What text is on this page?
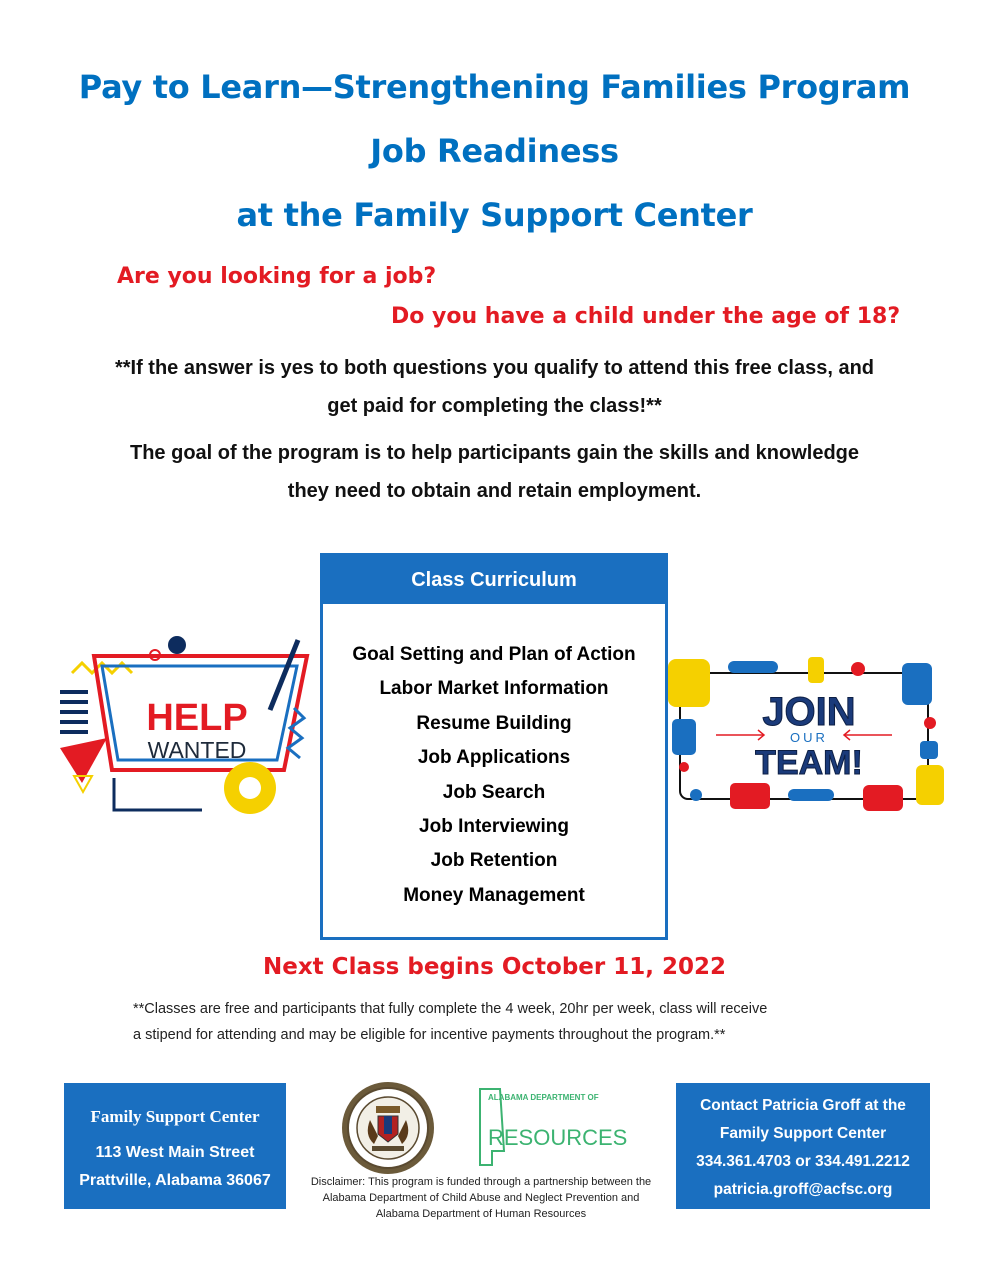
Pay to Learn—Strengthening Families Program
Job Readiness
at the Family Support Center
Are you looking for a job?
Do you have a child under the age of 18?
**If the answer is yes to both questions you qualify to attend this free class, and
get paid for completing the class!**
The goal of the program is to help participants gain the skills and knowledge
they need to obtain and retain employment.
HELP
WANTED
Class Curriculum
Goal Setting and Plan of Action
Labor Market Information
Resume Building
Job Applications
Job Search
Job Interviewing
Job Retention
Money Management
JOIN
OUR
TEAM!
Next Class begins October 11, 2022
**Classes are free and participants that fully complete the 4 week, 20hr per week, class will receive
a stipend for attending and may be eligible for incentive payments throughout the program.**
Family Support Center
113 West Main Street
Prattville, Alabama 36067
ALABAMA DEPARTMENT OF
RESOURCES
Disclaimer: This program is funded through a partnership between the
Alabama Department of Child Abuse and Neglect Prevention and
Alabama Department of Human Resources
Contact Patricia Groff at the
Family Support Center
334.361.4703 or 334.491.2212
patricia.groff@acfsc.org
